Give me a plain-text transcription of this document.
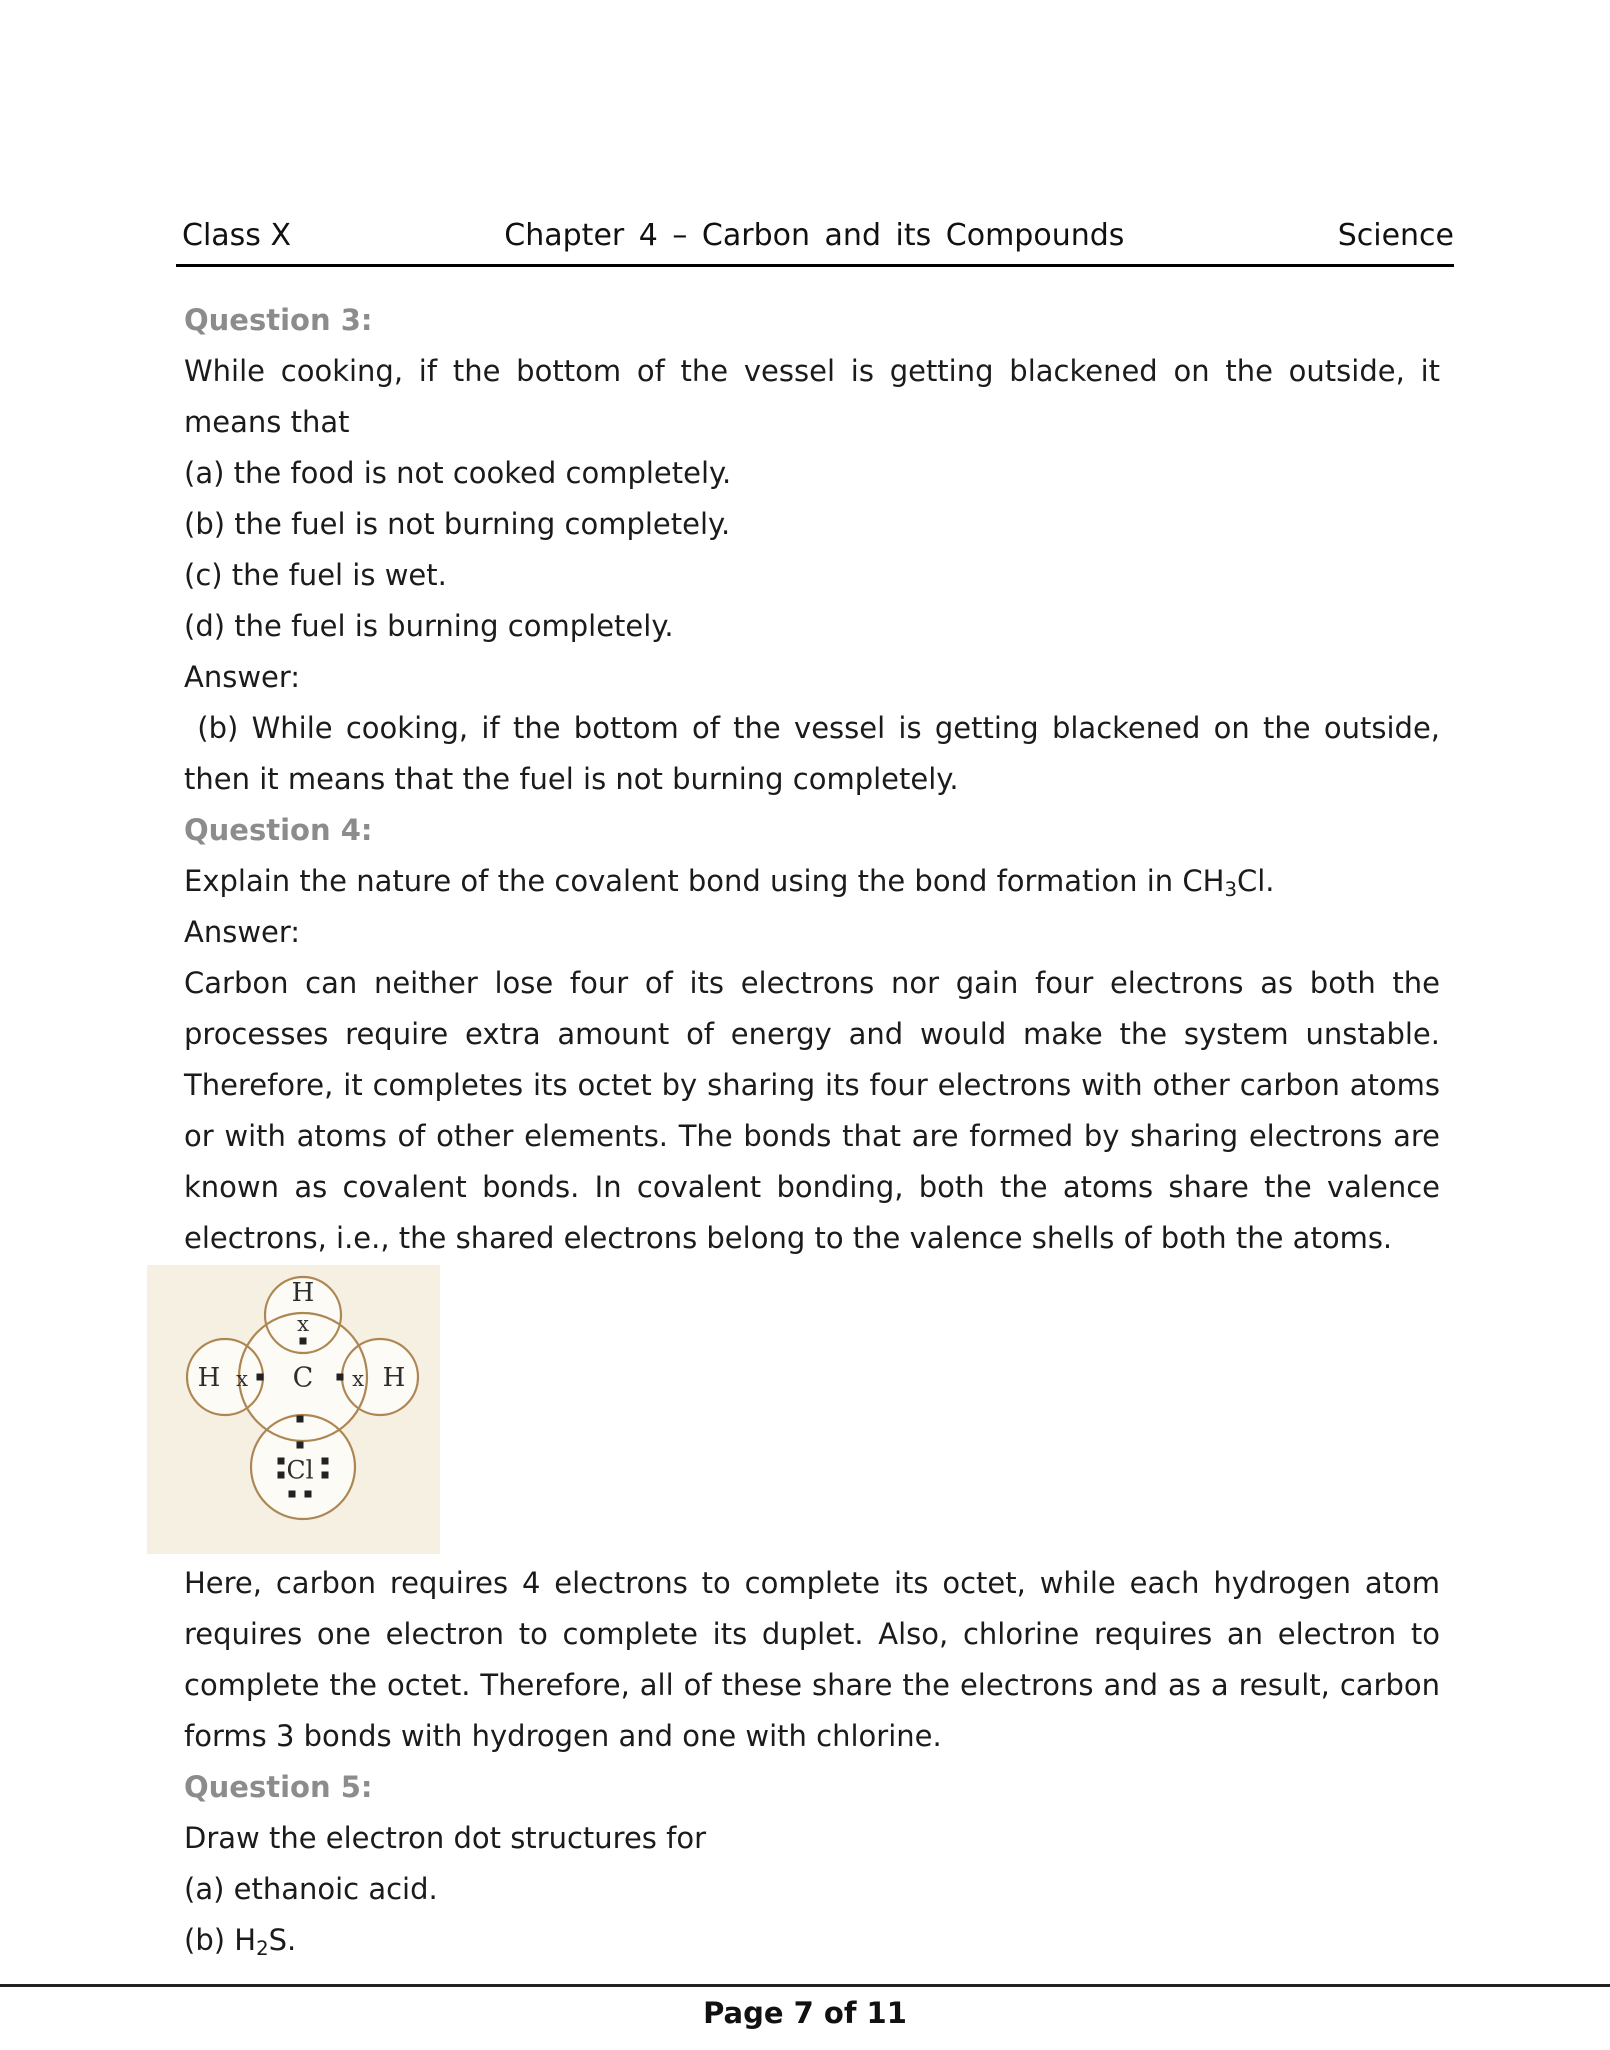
Class X	Chapter 4 – Carbon and its Compounds	Science

Question 3:

While cooking, if the bottom of the vessel is getting blackened on the outside, it means that

(a) the food is not cooked completely.

(b) the fuel is not burning completely.

(c) the fuel is wet.

(d) the fuel is burning completely.

Answer:

(b) While cooking, if the bottom of the vessel is getting blackened on the outside, then it means that the fuel is not burning completely.

Question 4:

Explain the nature of the covalent bond using the bond formation in $CH_3Cl$.

Answer:

Carbon can neither lose four of its electrons nor gain four electrons as both the processes require extra amount of energy and would make the system unstable. Therefore, it completes its octet by sharing its four electrons with other carbon atoms or with atoms of other elements. The bonds that are formed by sharing electrons are known as covalent bonds. In covalent bonding, both the atoms share the valence electrons, i.e., the shared electrons belong to the valence shells of both the atoms.

H
H	H
C
Cl
x
x	x

Here, carbon requires 4 electrons to complete its octet, while each hydrogen atom requires one electron to complete its duplet. Also, chlorine requires an electron to complete the octet. Therefore, all of these share the electrons and as a result, carbon forms 3 bonds with hydrogen and one with chlorine.

Question 5:

Draw the electron dot structures for

(a) ethanoic acid.

(b) $H_2S$.

Page 7 of 11
